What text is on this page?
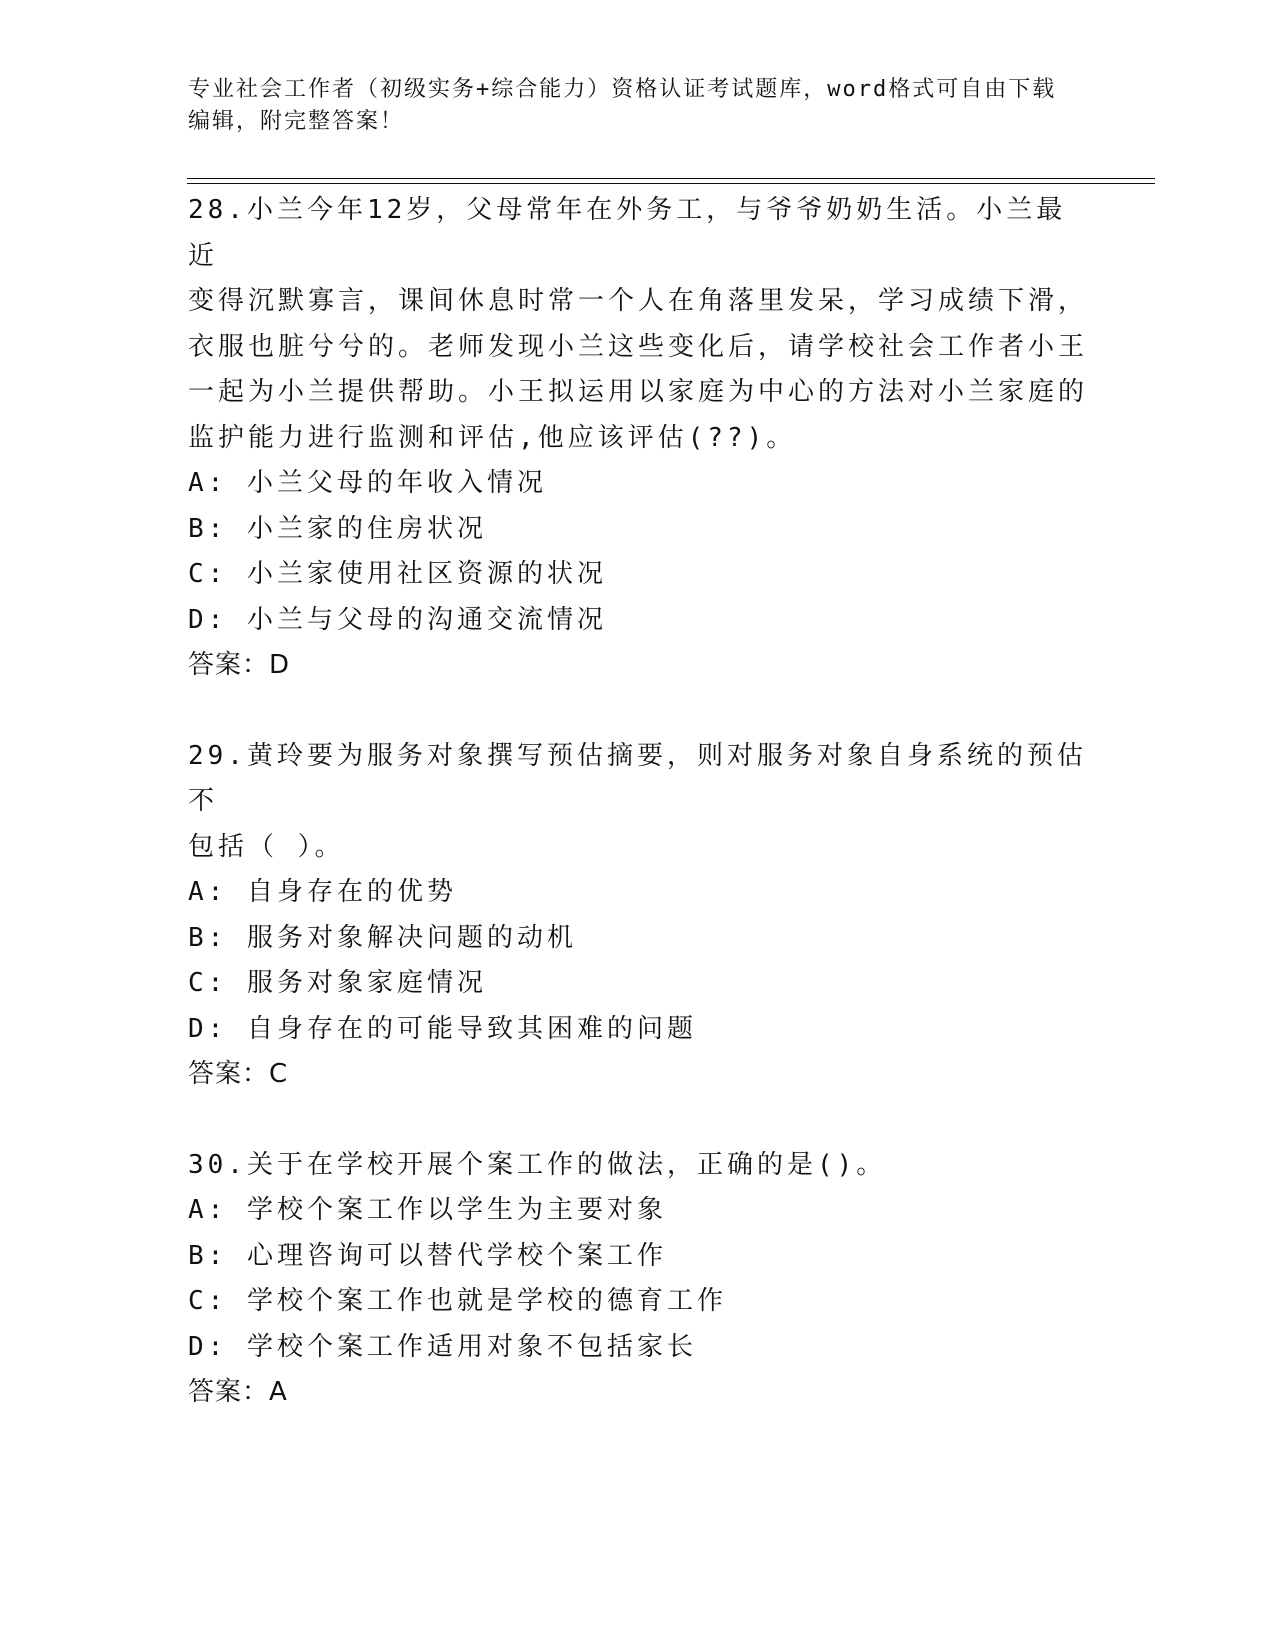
专业社会工作者（初级实务+综合能力）资格认证考试题库，word格式可自由下载
编辑，附完整答案！
28.小兰今年12岁，父母常年在外务工，与爷爷奶奶生活。小兰最近
变得沉默寡言，课间休息时常一个人在角落里发呆，学习成绩下滑，
衣服也脏兮兮的。老师发现小兰这些变化后，请学校社会工作者小王
一起为小兰提供帮助。小王拟运用以家庭为中心的方法对小兰家庭的
监护能力进行监测和评估,他应该评估(??)。
A: 小兰父母的年收入情况
B: 小兰家的住房状况
C: 小兰家使用社区资源的状况
D: 小兰与父母的沟通交流情况
答案：D
29.黄玲要为服务对象撰写预估摘要，则对服务对象自身系统的预估不
包括（ ）。
A: 自身存在的优势
B: 服务对象解决问题的动机
C: 服务对象家庭情况
D: 自身存在的可能导致其困难的问题
答案：C
30.关于在学校开展个案工作的做法，正确的是()。
A: 学校个案工作以学生为主要对象
B: 心理咨询可以替代学校个案工作
C: 学校个案工作也就是学校的德育工作
D: 学校个案工作适用对象不包括家长
答案：A
